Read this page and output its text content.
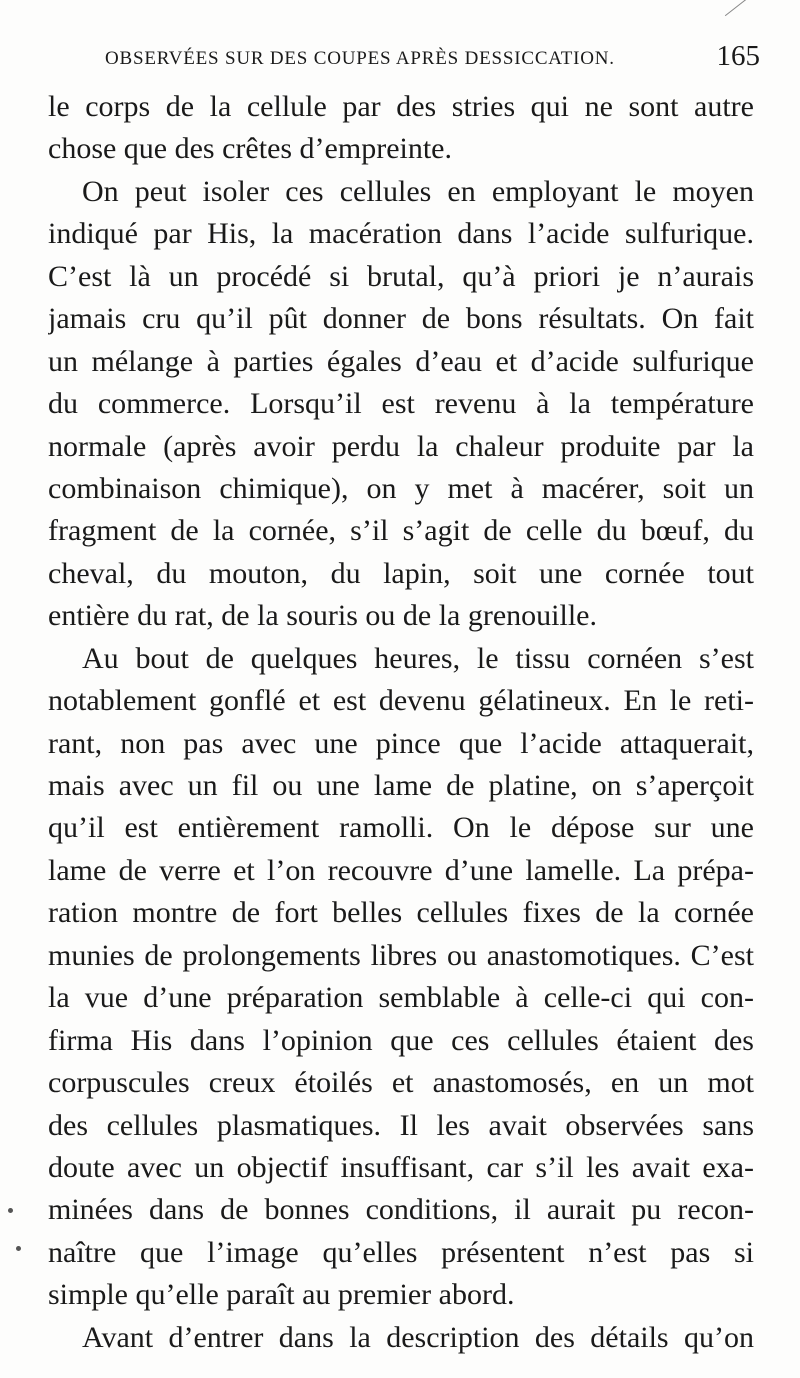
OBSERVÉES SUR DES COUPES APRÈS DESSICCATION.	165
le corps de la cellule par des stries qui ne sont autre
chose que des crêtes d’empreinte.
On peut isoler ces cellules en employant le moyen
indiqué par His, la macération dans l’acide sulfurique.
C’est là un procédé si brutal, qu’à priori je n’aurais
jamais cru qu’il pût donner de bons résultats. On fait
un mélange à parties égales d’eau et d’acide sulfurique
du commerce. Lorsqu’il est revenu à la température
normale (après avoir perdu la chaleur produite par la
combinaison chimique), on y met à macérer, soit un
fragment de la cornée, s’il s’agit de celle du bœuf, du
cheval, du mouton, du lapin, soit une cornée tout
entière du rat, de la souris ou de la grenouille.
Au bout de quelques heures, le tissu cornéen s’est
notablement gonflé et est devenu gélatineux. En le reti-
rant, non pas avec une pince que l’acide attaquerait,
mais avec un fil ou une lame de platine, on s’aperçoit
qu’il est entièrement ramolli. On le dépose sur une
lame de verre et l’on recouvre d’une lamelle. La prépa-
ration montre de fort belles cellules fixes de la cornée
munies de prolongements libres ou anastomotiques. C’est
la vue d’une préparation semblable à celle-ci qui con-
firma His dans l’opinion que ces cellules étaient des
corpuscules creux étoilés et anastomosés, en un mot
des cellules plasmatiques. Il les avait observées sans
doute avec un objectif insuffisant, car s’il les avait exa-
minées dans de bonnes conditions, il aurait pu recon-
naître que l’image qu’elles présentent n’est pas si
simple qu’elle paraît au premier abord.
Avant d’entrer dans la description des détails qu’on
